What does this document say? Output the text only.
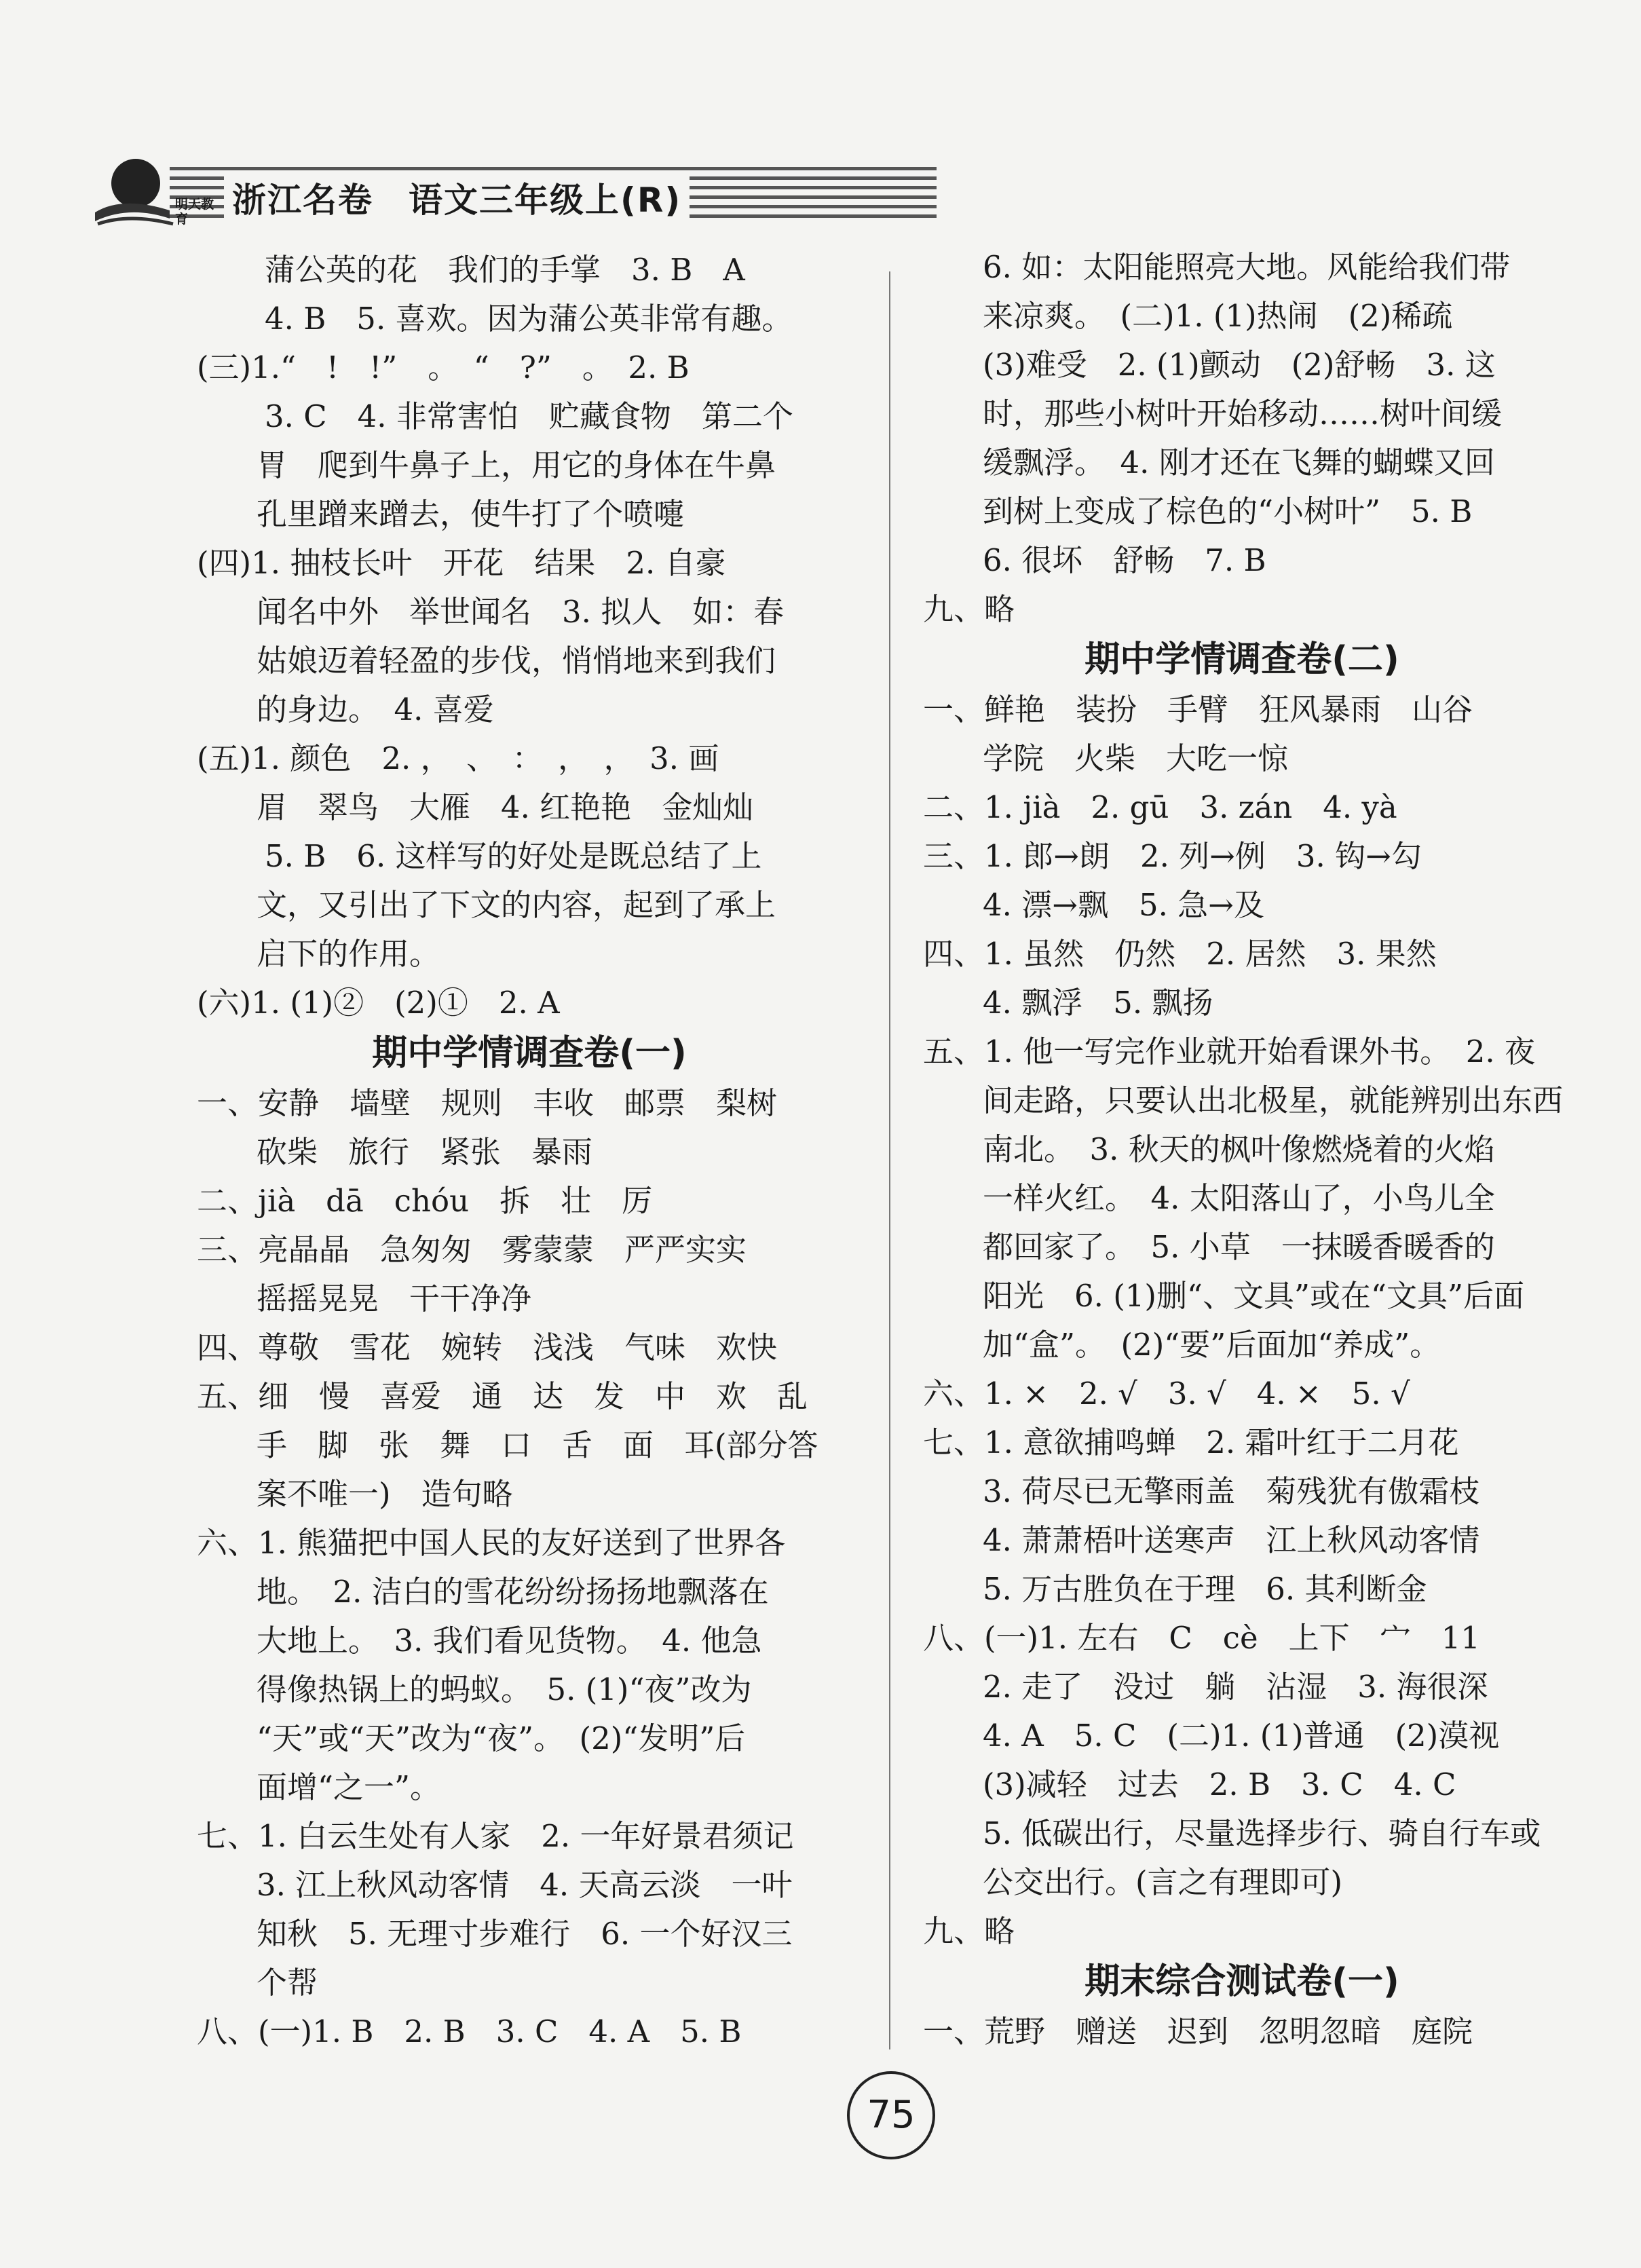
明天教育	浙江名卷　语文三年级上(R)
蒲公英的花　我们的手掌　3. B　A
4. B　5. 喜欢。因为蒲公英非常有趣。
(三)1.“　!　!”　。　“　?”　。　2. B
3. C　4. 非常害怕　贮藏食物　第二个
胃　爬到牛鼻子上，用它的身体在牛鼻
孔里蹭来蹭去，使牛打了个喷嚏
(四)1. 抽枝长叶　开花　结果　2. 自豪
闻名中外　举世闻名　3. 拟人　如：春
姑娘迈着轻盈的步伐，悄悄地来到我们
的身边。　4. 喜爱
(五)1. 颜色　2. ，　、　：　，　，　3. 画
眉　翠鸟　大雁　4. 红艳艳　金灿灿
5. B　6. 这样写的好处是既总结了上
文，又引出了下文的内容，起到了承上
启下的作用。
(六)1. (1)②　(2)①　2. A
期中学情调查卷(一)
一、安静　墙壁　规则　丰收　邮票　梨树
砍柴　旅行　紧张　暴雨
二、jià　dā　chóu　拆　壮　厉
三、亮晶晶　急匆匆　雾蒙蒙　严严实实
摇摇晃晃　干干净净
四、尊敬　雪花　婉转　浅浅　气味　欢快
五、细　慢　喜爱　通　达　发　中　欢　乱
手　脚　张　舞　口　舌　面　耳(部分答
案不唯一)　造句略
六、1. 熊猫把中国人民的友好送到了世界各
地。　2. 洁白的雪花纷纷扬扬地飘落在
大地上。　3. 我们看见货物。　4. 他急
得像热锅上的蚂蚁。　5. (1)“夜”改为
“天”或“天”改为“夜”。　(2)“发明”后
面增“之一”。
七、1. 白云生处有人家　2. 一年好景君须记
3. 江上秋风动客情　4. 天高云淡　一叶
知秋　5. 无理寸步难行　6. 一个好汉三
个帮
八、(一)1. B　2. B　3. C　4. A　5. B
6. 如：太阳能照亮大地。风能给我们带
来凉爽。　(二)1. (1)热闹　(2)稀疏
(3)难受　2. (1)颤动　(2)舒畅　3. 这
时，那些小树叶开始移动……树叶间缓
缓飘浮。　4. 刚才还在飞舞的蝴蝶又回
到树上变成了棕色的“小树叶”　5. B
6. 很坏　舒畅　7. B
九、略
期中学情调查卷(二)
一、鲜艳　装扮　手臂　狂风暴雨　山谷
学院　火柴　大吃一惊
二、1. jià　2. gū　3. zán　4. yà
三、1. 郎→朗　2. 列→例　3. 钩→勾
4. 漂→飘　5. 急→及
四、1. 虽然　仍然　2. 居然　3. 果然
4. 飘浮　5. 飘扬
五、1. 他一写完作业就开始看课外书。　2. 夜
间走路，只要认出北极星，就能辨别出东西
南北。　3. 秋天的枫叶像燃烧着的火焰
一样火红。　4. 太阳落山了，小鸟儿全
都回家了。　5. 小草　一抹暖香暖香的
阳光　6. (1)删“、文具”或在“文具”后面
加“盒”。　(2)“要”后面加“养成”。
六、1. ×　2. √　3. √　4. ×　5. √
七、1. 意欲捕鸣蝉　2. 霜叶红于二月花
3. 荷尽已无擎雨盖　菊残犹有傲霜枝
4. 萧萧梧叶送寒声　江上秋风动客情
5. 万古胜负在于理　6. 其利断金
八、(一)1. 左右　C　cè　上下　宀　11
2. 走了　没过　躺　沾湿　3. 海很深
4. A　5. C　(二)1. (1)普通　(2)漠视
(3)减轻　过去　2. B　3. C　4. C
5. 低碳出行，尽量选择步行、骑自行车或
公交出行。(言之有理即可)
九、略
期末综合测试卷(一)
一、荒野　赠送　迟到　忽明忽暗　庭院
75
